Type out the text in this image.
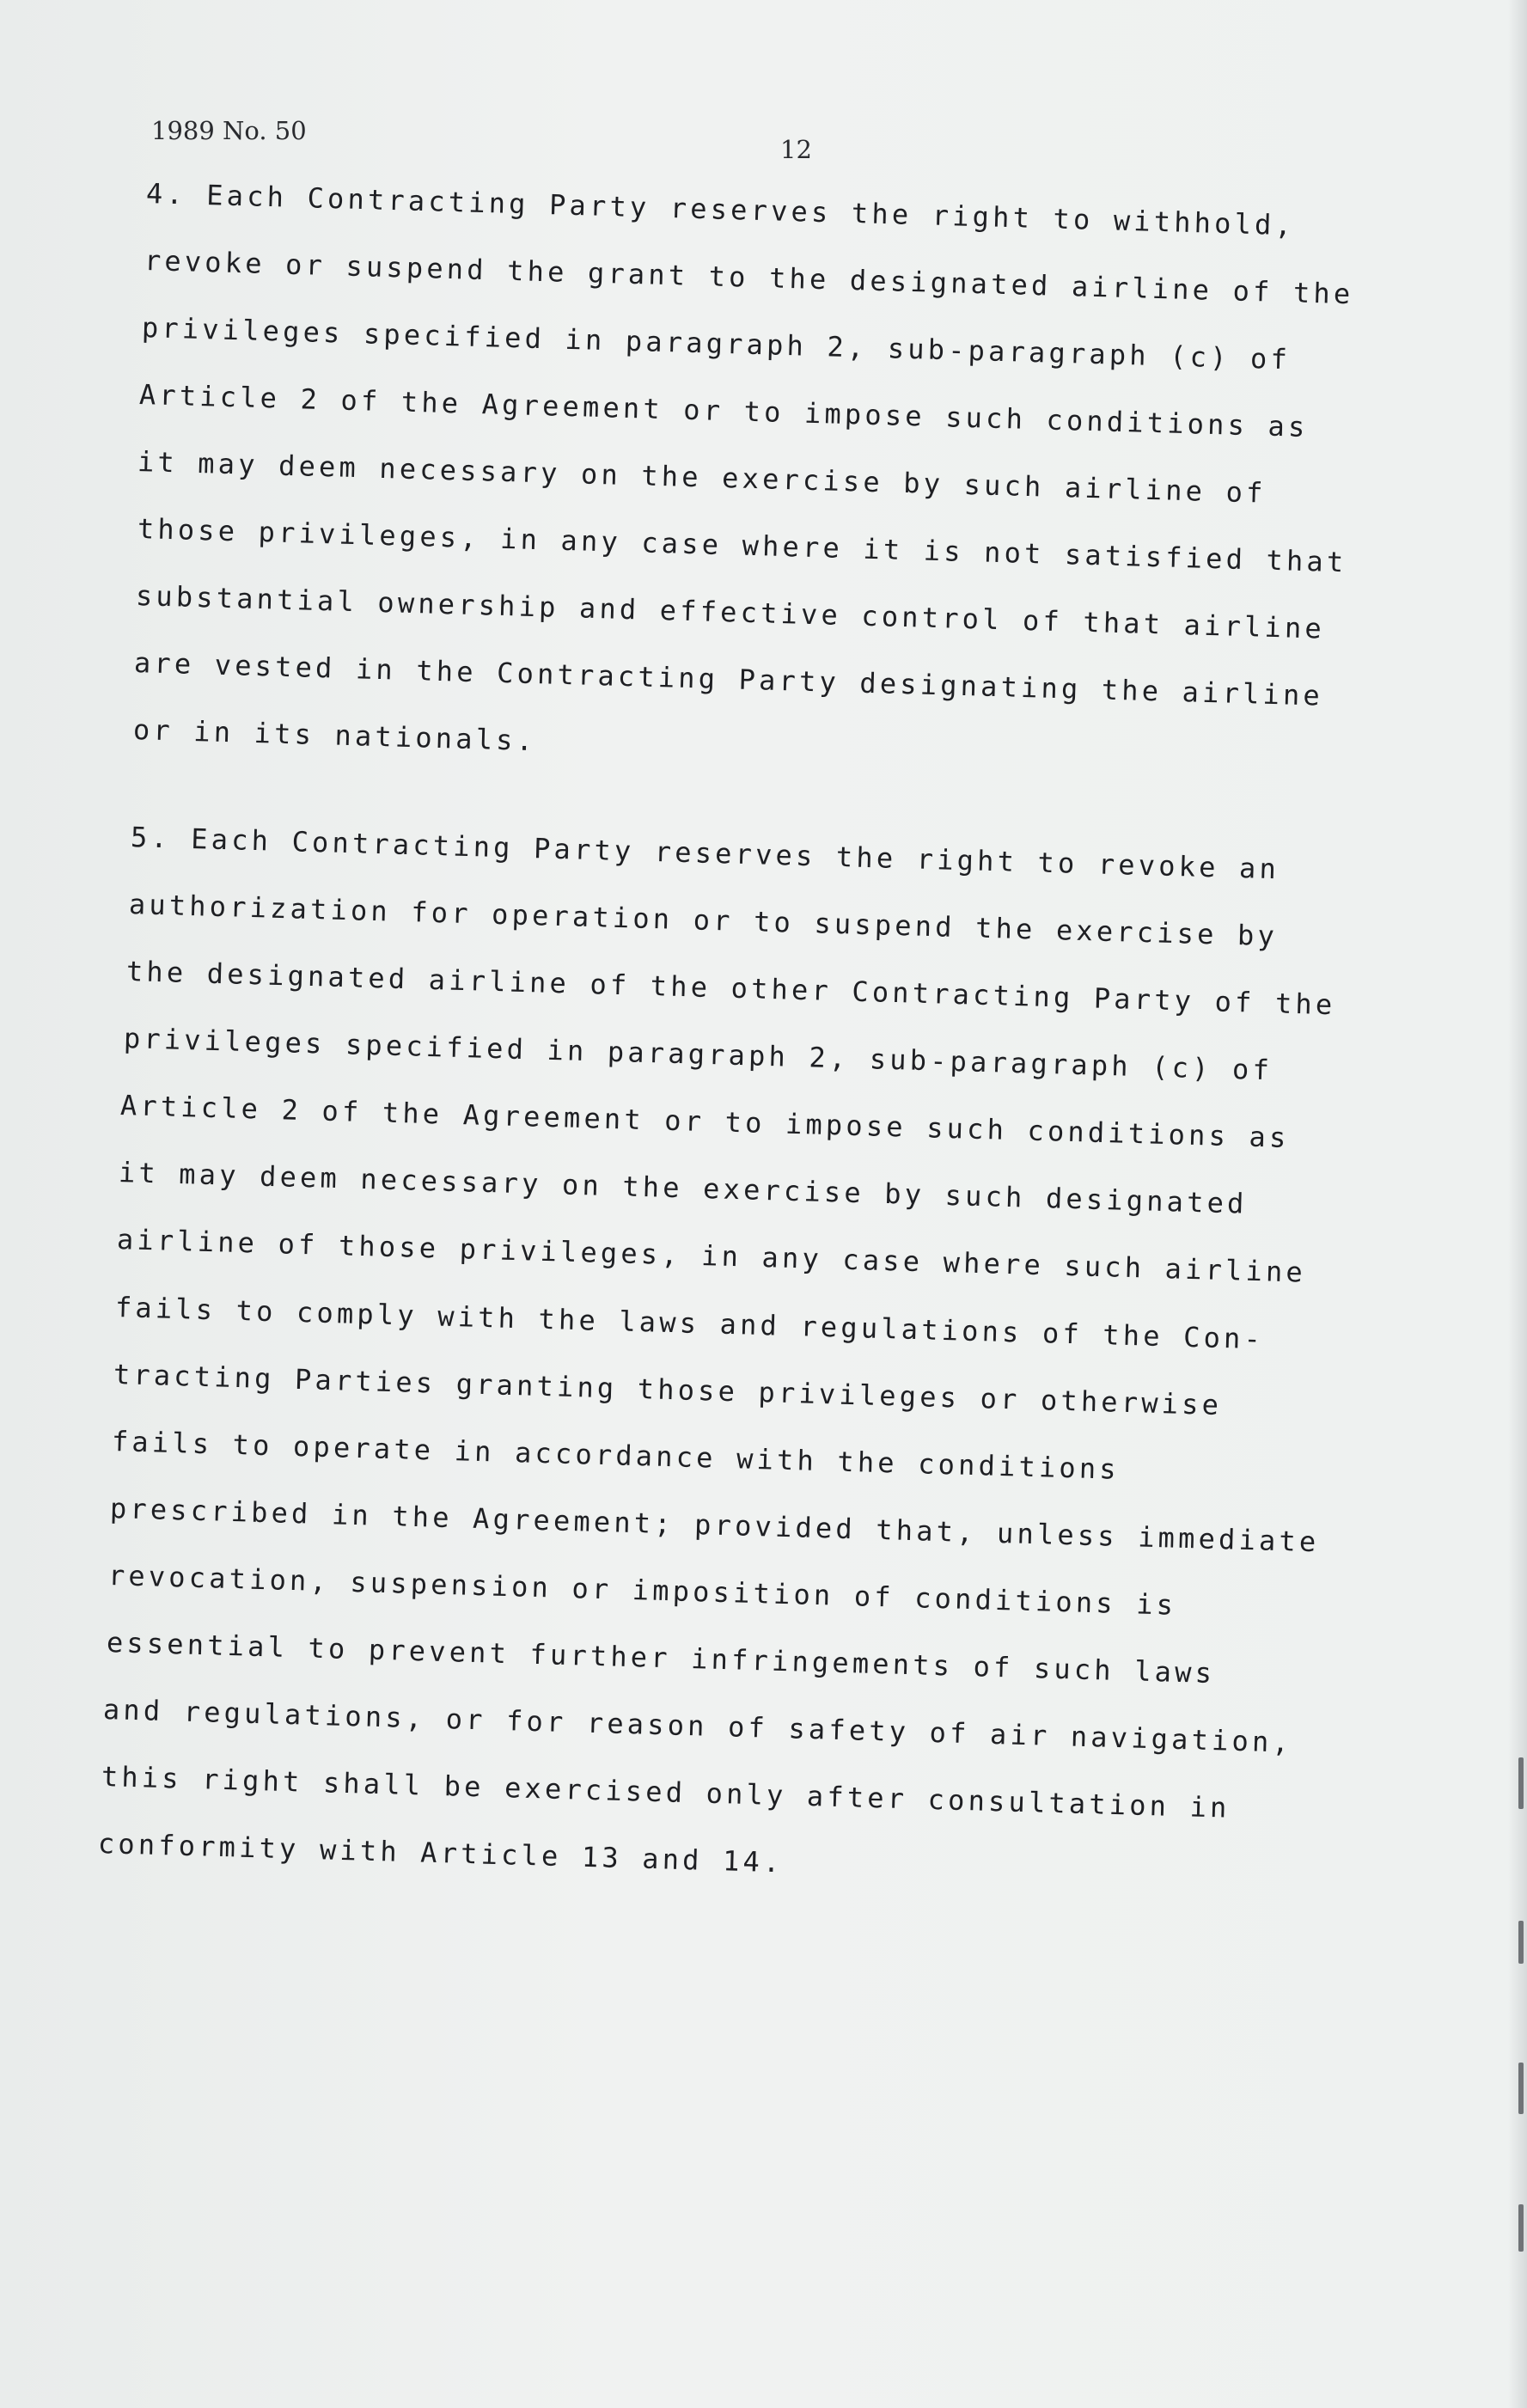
1989 No. 50
12
4. Each Contracting Party reserves the right to withhold,
revoke or suspend the grant to the designated airline of the
privileges specified in paragraph 2, sub-paragraph (c) of
Article 2 of the Agreement or to impose such conditions as
it may deem necessary on the exercise by such airline of
those privileges, in any case where it is not satisfied that
substantial ownership and effective control of that airline
are vested in the Contracting Party designating the airline
or in its nationals.
5. Each Contracting Party reserves the right to revoke an
authorization for operation or to suspend the exercise by
the designated airline of the other Contracting Party of the
privileges specified in paragraph 2, sub-paragraph (c) of
Article 2 of the Agreement or to impose such conditions as
it may deem necessary on the exercise by such designated
airline of those privileges, in any case where such airline
fails to comply with the laws and regulations of the Con-
tracting Parties granting those privileges or otherwise
fails to operate in accordance with the conditions
prescribed in the Agreement; provided that, unless immediate
revocation, suspension or imposition of conditions is
essential to prevent further infringements of such laws
and regulations, or for reason of safety of air navigation,
this right shall be exercised only after consultation in
conformity with Article 13 and 14.
